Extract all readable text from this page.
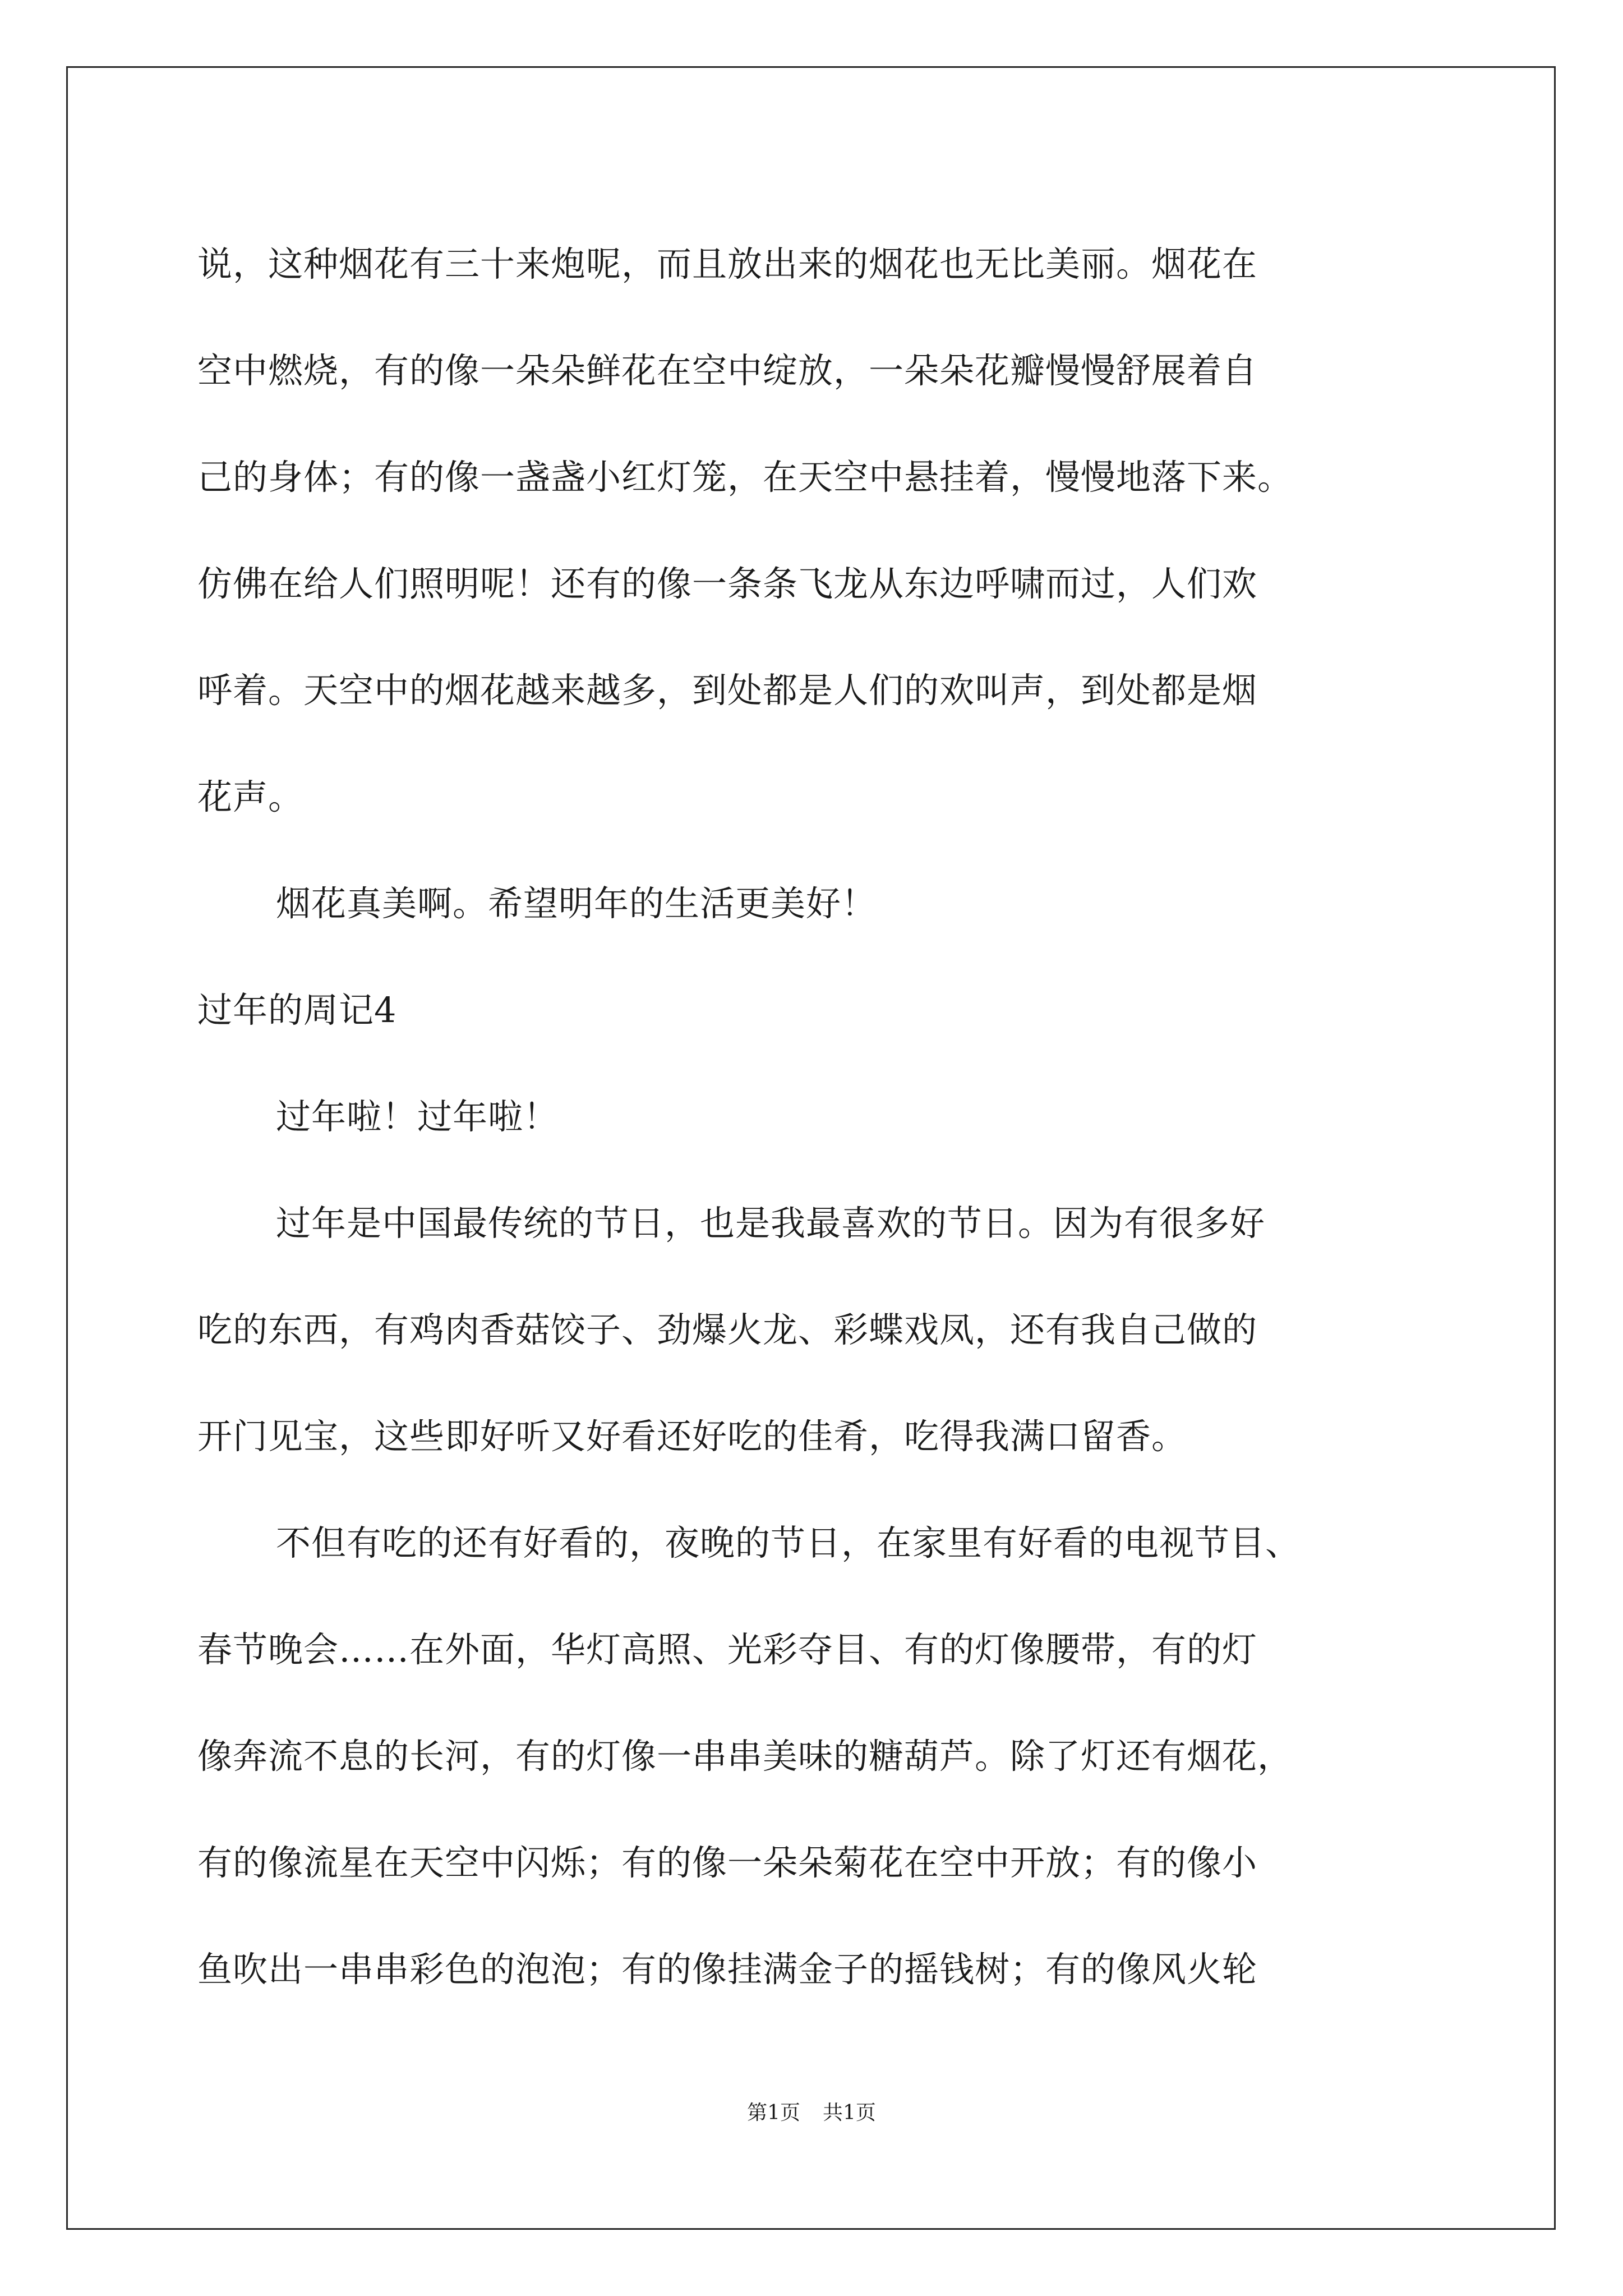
说，这种烟花有三十来炮呢，而且放出来的烟花也无比美丽。烟花在
空中燃烧，有的像一朵朵鲜花在空中绽放，一朵朵花瓣慢慢舒展着自
己的身体；有的像一盏盏小红灯笼，在天空中悬挂着，慢慢地落下来。
仿佛在给人们照明呢！还有的像一条条飞龙从东边呼啸而过，人们欢
呼着。天空中的烟花越来越多，到处都是人们的欢叫声，到处都是烟
花声。
烟花真美啊。希望明年的生活更美好！
过年的周记4
过年啦！过年啦！
过年是中国最传统的节日，也是我最喜欢的节日。因为有很多好
吃的东西，有鸡肉香菇饺子、劲爆火龙、彩蝶戏凤，还有我自己做的
开门见宝，这些即好听又好看还好吃的佳肴，吃得我满口留香。
不但有吃的还有好看的，夜晚的节日，在家里有好看的电视节目、
春节晚会……在外面，华灯高照、光彩夺目、有的灯像腰带，有的灯
像奔流不息的长河，有的灯像一串串美味的糖葫芦。除了灯还有烟花，
有的像流星在天空中闪烁；有的像一朵朵菊花在空中开放；有的像小
鱼吹出一串串彩色的泡泡；有的像挂满金子的摇钱树；有的像风火轮
第1页 共1页
